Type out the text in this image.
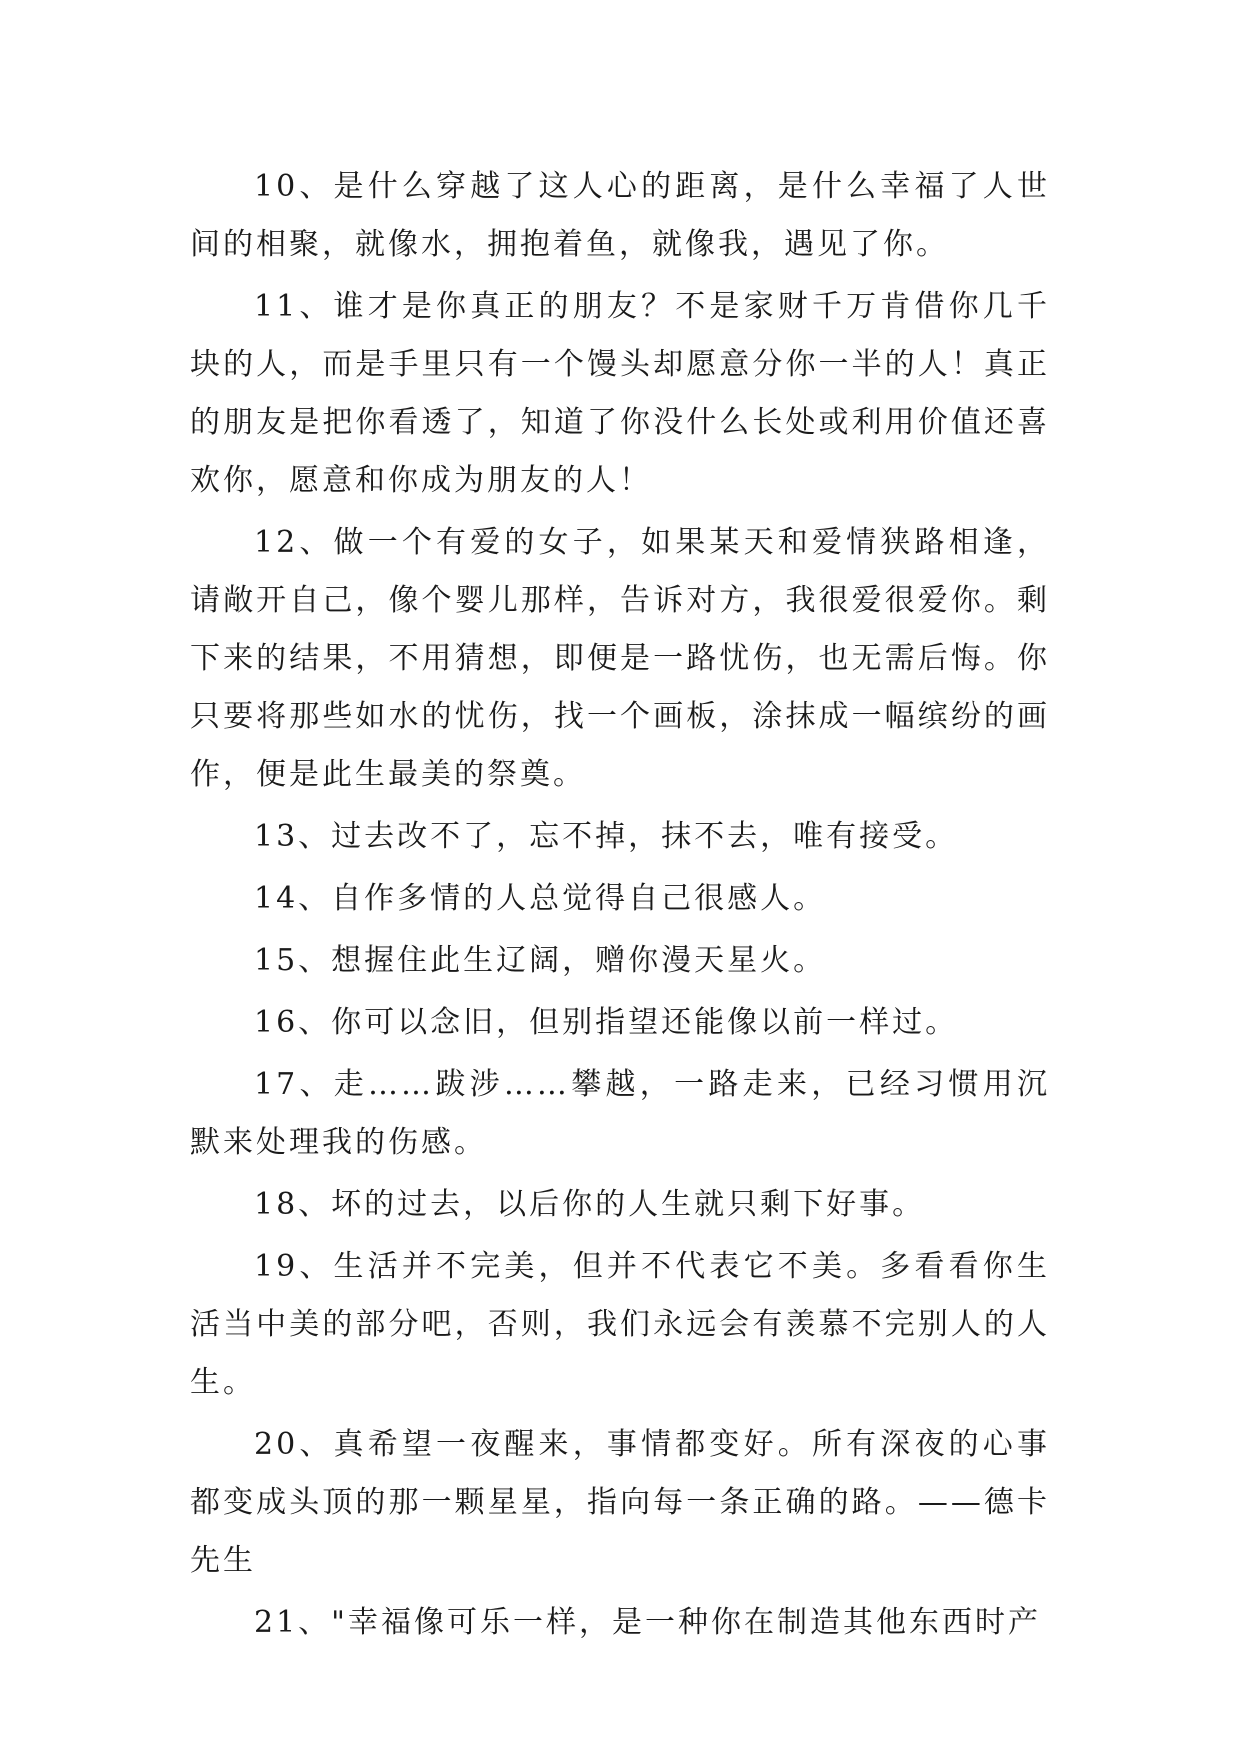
10、是什么穿越了这人心的距离，是什么幸福了人世间的相聚，就像水，拥抱着鱼，就像我，遇见了你。

11、谁才是你真正的朋友？不是家财千万肯借你几千块的人，而是手里只有一个馒头却愿意分你一半的人！真正的朋友是把你看透了，知道了你没什么长处或利用价值还喜欢你，愿意和你成为朋友的人！

12、做一个有爱的女子，如果某天和爱情狭路相逢，请敞开自己，像个婴儿那样，告诉对方，我很爱很爱你。剩下来的结果，不用猜想，即便是一路忧伤，也无需后悔。你只要将那些如水的忧伤，找一个画板，涂抹成一幅缤纷的画作，便是此生最美的祭奠。

13、过去改不了，忘不掉，抹不去，唯有接受。

14、自作多情的人总觉得自己很感人。

15、想握住此生辽阔，赠你漫天星火。

16、你可以念旧，但别指望还能像以前一样过。

17、走……跋涉……攀越，一路走来，已经习惯用沉默来处理我的伤感。

18、坏的过去，以后你的人生就只剩下好事。

19、生活并不完美，但并不代表它不美。多看看你生活当中美的部分吧，否则，我们永远会有羡慕不完别人的人生。

20、真希望一夜醒来，事情都变好。所有深夜的心事都变成头顶的那一颗星星，指向每一条正确的路。——德卡先生

21、"幸福像可乐一样，是一种你在制造其他东西时产
